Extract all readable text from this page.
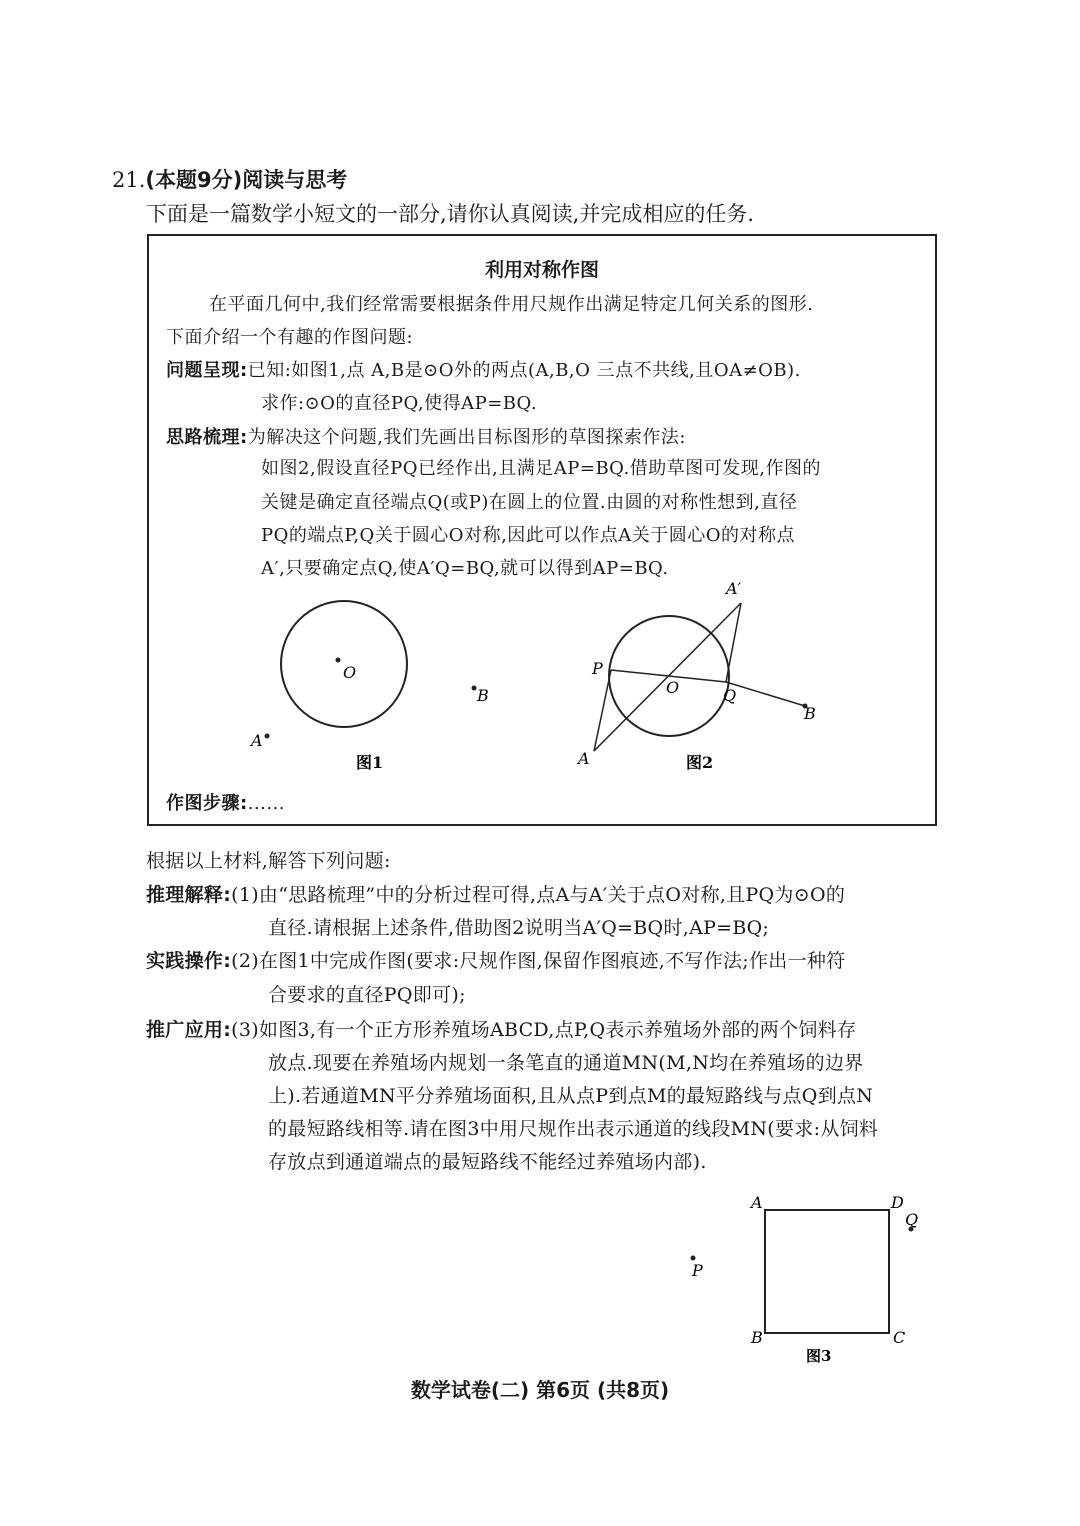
21.(本题9分)阅读与思考
下面是一篇数学小短文的一部分,请你认真阅读,并完成相应的任务.
利用对称作图
在平面几何中,我们经常需要根据条件用尺规作出满足特定几何关系的图形.
下面介绍一个有趣的作图问题:
问题呈现:已知:如图1,点 A,B是⊙O外的两点(A,B,O 三点不共线,且OA≠OB).
求作:⊙O的直径PQ,使得AP=BQ.
思路梳理:为解决这个问题,我们先画出目标图形的草图探索作法:
如图2,假设直径PQ已经作出,且满足AP=BQ.借助草图可发现,作图的
关键是确定直径端点Q(或P)在圆上的位置.由圆的对称性想到,直径
PQ的端点P,Q关于圆心O对称,因此可以作点A关于圆心O的对称点
A′,只要确定点Q,使A′Q=BQ,就可以得到AP=BQ.
作图步骤:......
O
B
A
图1
A′
P
O	Q
B
A	图2
A	D
B	C
Q
P
图3
根据以上材料,解答下列问题:
推理解释:(1)由“思路梳理”中的分析过程可得,点A与A′关于点O对称,且PQ为⊙O的
直径.请根据上述条件,借助图2说明当A′Q=BQ时,AP=BQ;
实践操作:(2)在图1中完成作图(要求:尺规作图,保留作图痕迹,不写作法;作出一种符
合要求的直径PQ即可);
推广应用:(3)如图3,有一个正方形养殖场ABCD,点P,Q表示养殖场外部的两个饲料存
放点.现要在养殖场内规划一条笔直的通道MN(M,N均在养殖场的边界
上).若通道MN平分养殖场面积,且从点P到点M的最短路线与点Q到点N
的最短路线相等.请在图3中用尺规作出表示通道的线段MN(要求:从饲料
存放点到通道端点的最短路线不能经过养殖场内部).
数学试卷(二) 第6页 (共8页)
